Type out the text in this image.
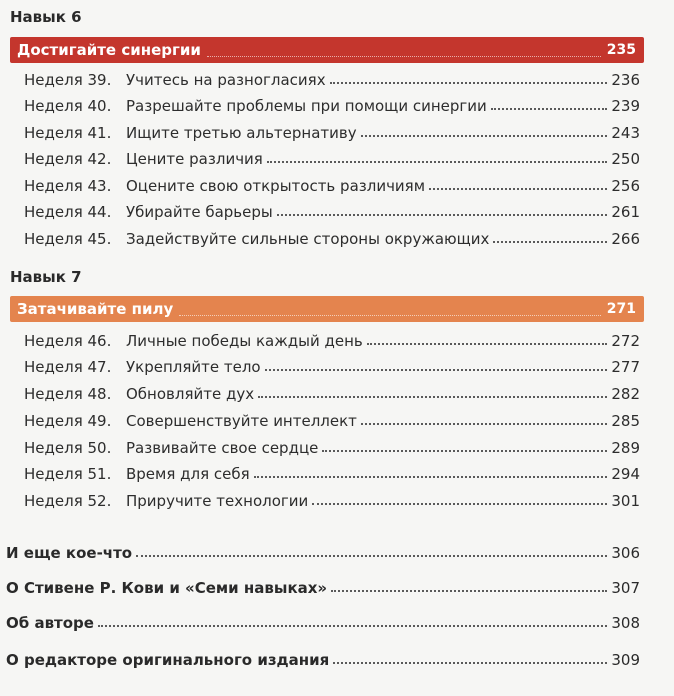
Навык 6
Достигайте синергии	235
Неделя 39. Учитесь на разногласиях	236
Неделя 40. Разрешайте проблемы при помощи синергии	239
Неделя 41. Ищите третью альтернативу	243
Неделя 42. Цените различия	250
Неделя 43. Оцените свою открытость различиям	256
Неделя 44. Убирайте барьеры	261
Неделя 45. Задействуйте сильные стороны окружающих	266
Навык 7
Затачивайте пилу	271
Неделя 46. Личные победы каждый день	272
Неделя 47. Укрепляйте тело	277
Неделя 48. Обновляйте дух	282
Неделя 49. Совершенствуйте интеллект	285
Неделя 50. Развивайте свое сердце	289
Неделя 51. Время для себя	294
Неделя 52. Приручите технологии	301
И еще кое-что	306
О Стивене Р. Кови и «Семи навыках»	307
Об авторе	308
О редакторе оригинального издания	309
